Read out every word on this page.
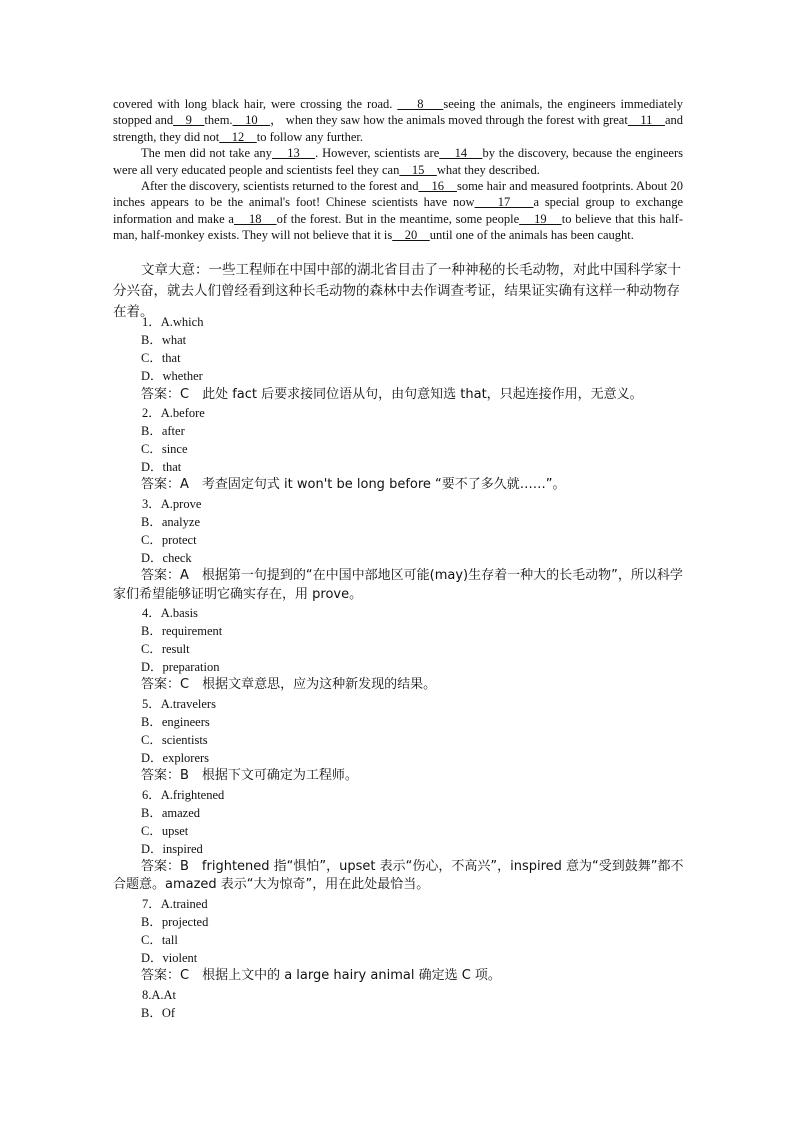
covered with long black hair, were crossing the road.     8    seeing the animals, the engineers immediately stopped and    9    them.    10    ， when they saw how the animals moved through the forest with great    11    and strength, they did not    12    to follow any further.

The men did not take any    13    . However, scientists are    14    by the discovery, because the engineers were all very educated people and scientists feel they can    15    what they described.

After the discovery, scientists returned to the forest and    16    some hair and measured footprints. About 20 inches appears to be the animal's foot! Chinese scientists have now    17    a special group to exchange information and make a    18    of the forest. But in the meantime, some people    19    to believe that this half-man, half-monkey exists. They will not believe that it is    20    until one of the animals has been caught.

文章大意：一些工程师在中国中部的湖北省目击了一种神秘的长毛动物，对此中国科学家十分兴奋，就去人们曾经看到这种长毛动物的森林中去作调查考证，结果证实确有这样一种动物存在着。
1．A.which
B．what
C．that
D．whether
答案：C　此处 fact 后要求接同位语从句，由句意知选 that，只起连接作用，无意义。
2．A.before
B．after
C．since
D．that
答案：A　考查固定句式 it won't be long before “要不了多久就……”。
3．A.prove
B．analyze
C．protect
D．check
答案：A　根据第一句提到的“在中国中部地区可能(may)生存着一种大的长毛动物”，所以科学家们希望能够证明它确实存在，用 prove。
4．A.basis
B．requirement
C．result
D．preparation
答案：C　根据文章意思，应为这种新发现的结果。
5．A.travelers
B．engineers
C．scientists
D．explorers
答案：B　根据下文可确定为工程师。
6．A.frightened
B．amazed
C．upset
D．inspired
答案：B　frightened 指“惧怕”，upset 表示“伤心，不高兴”，inspired 意为“受到鼓舞”都不合题意。amazed 表示“大为惊奇”，用在此处最恰当。
7．A.trained
B．projected
C．tall
D．violent
答案：C　根据上文中的 a large hairy animal 确定选 C 项。
8.A.At
B．Of
